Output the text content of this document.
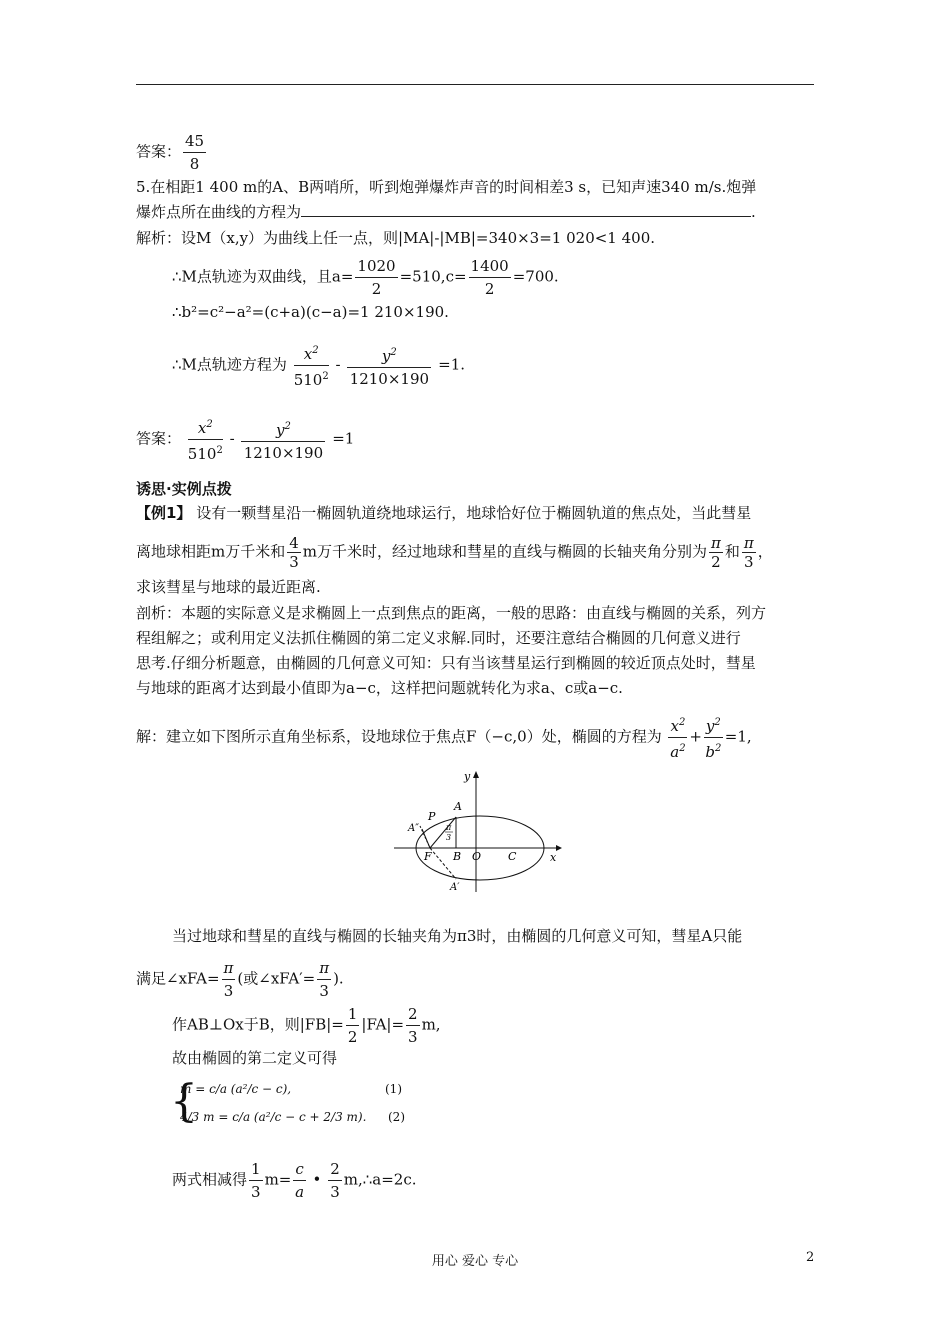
答案： $\frac{45}{8}$
5.在相距1 400 m的A、B两哨所，听到炮弹爆炸声音的时间相差3 s，已知声速340 m/s.炮弹
爆炸点所在曲线的方程为	.
解析：设M（x,y）为曲线上任一点，则|MA|-|MB|=340×3=1 020<1 400.
∴M点轨迹为双曲线，且$a= \frac{1020}{2} =510,c= \frac{1400}{2} =700$.
∴b²=c²−a²=(c+a)(c−a)=1 210×190.
∴M点轨迹方程为 $\frac{x^2}{510^2} - \frac{y^2}{1210\times 190} =1$.
答案： $\frac{x^2}{510^2} - \frac{y^2}{1210\times 190} =1$
诱思·实例点拨
【例1】 设有一颗彗星沿一椭圆轨道绕地球运行，地球恰好位于椭圆轨道的焦点处，当此彗星
离地球相距m万千米和 $\frac{4}{3}$ m万千米时，经过地球和彗星的直线与椭圆的长轴夹角分别为 $\frac{\pi}{2}$ 和 $\frac{\pi}{3}$ ，
求该彗星与地球的最近距离.
剖析：本题的实际意义是求椭圆上一点到焦点的距离，一般的思路：由直线与椭圆的关系，列方
程组解之；或利用定义法抓住椭圆的第二定义求解.同时，还要注意结合椭圆的几何意义进行
思考.仔细分析题意，由椭圆的几何意义可知：只有当该彗星运行到椭圆的较近顶点处时，彗星
与地球的距离才达到最小值即为a−c，这样把问题就转化为求a、c或a−c.
解：建立如下图所示直角坐标系，设地球位于焦点F（−c,0）处，椭圆的方程为 $\frac{x^2}{a^2} + \frac{y^2}{b^2} =1$,
y
x
A
P
A″
F B O C
A′
π
3
当过地球和彗星的直线与椭圆的长轴夹角为π3时，由椭圆的几何意义可知，彗星A只能
满足∠xFA= $\frac{\pi}{3}$ (或∠xFA′= $\frac{\pi}{3}$ ).
作AB⊥Ox于B，则$|FB|= \frac{1}{2} |FA|= \frac{2}{3} m$,
故由椭圆的第二定义可得
{
m = c/a (a²/c − c),	(1)
4/3 m = c/a (a²/c − c + 2/3 m). (2)
两式相减得 $\frac{1}{3} m= \frac{c}{a}$ • $\frac{2}{3}$ m,∴a=2c.
用心 爱心 专心	2
